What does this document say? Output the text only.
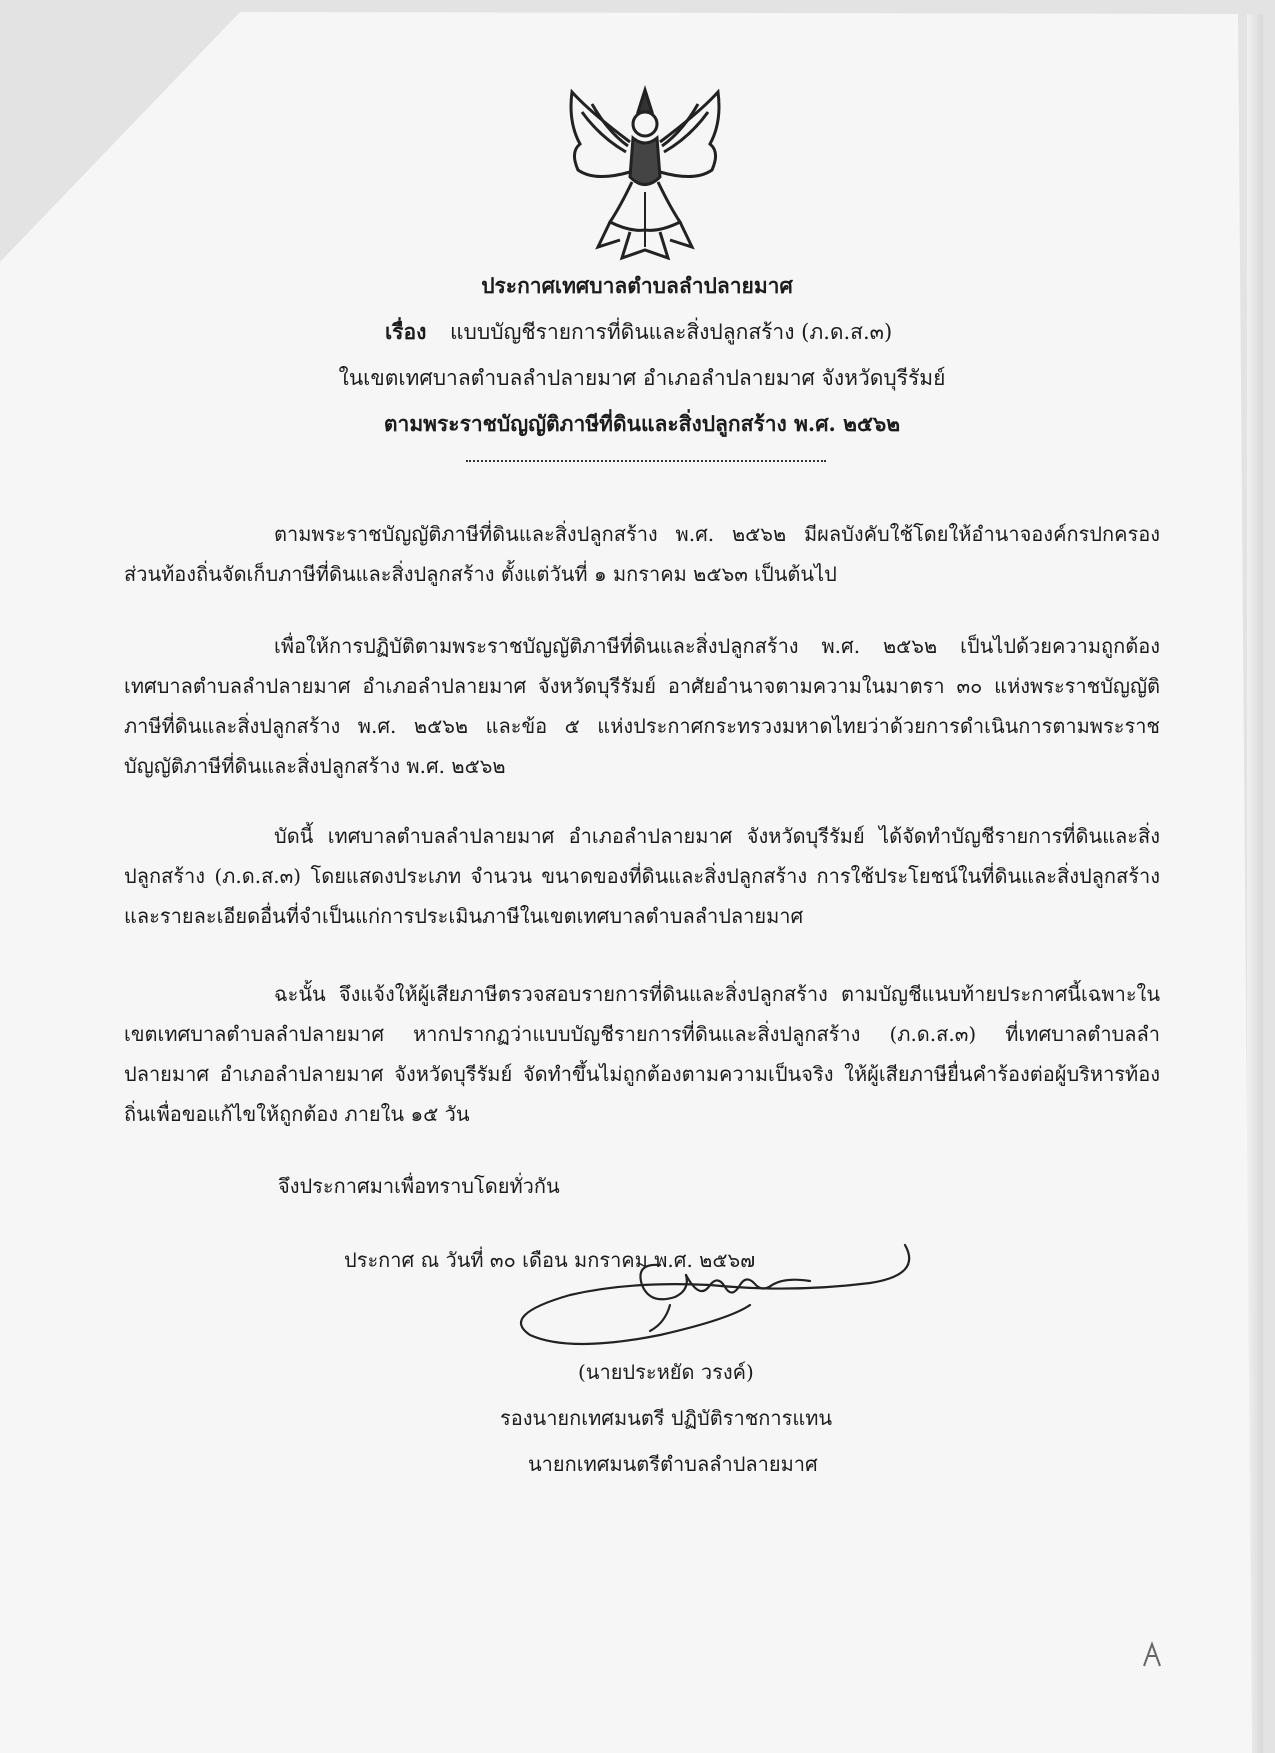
ประกาศเทศบาลตำบลลำปลายมาศ
เรื่อง แบบบัญชีรายการที่ดินและสิ่งปลูกสร้าง (ภ.ด.ส.๓)
ในเขตเทศบาลตำบลลำปลายมาศ อำเภอลำปลายมาศ จังหวัดบุรีรัมย์
ตามพระราชบัญญัติภาษีที่ดินและสิ่งปลูกสร้าง พ.ศ. ๒๕๖๒
ตามพระราชบัญญัติภาษีที่ดินและสิ่งปลูกสร้าง พ.ศ. ๒๕๖๒ มีผลบังคับใช้โดยให้อำนาจองค์กรปกครองส่วนท้องถิ่นจัดเก็บภาษีที่ดินและสิ่งปลูกสร้าง ตั้งแต่วันที่ ๑ มกราคม ๒๕๖๓ เป็นต้นไป
เพื่อให้การปฏิบัติตามพระราชบัญญัติภาษีที่ดินและสิ่งปลูกสร้าง พ.ศ. ๒๕๖๒ เป็นไปด้วยความถูกต้อง เทศบาลตำบลลำปลายมาศ อำเภอลำปลายมาศ จังหวัดบุรีรัมย์ อาศัยอำนาจตามความในมาตรา ๓๐ แห่งพระราชบัญญัติภาษีที่ดินและสิ่งปลูกสร้าง พ.ศ. ๒๕๖๒ และข้อ ๕ แห่งประกาศกระทรวงมหาดไทยว่าด้วยการดำเนินการตามพระราชบัญญัติภาษีที่ดินและสิ่งปลูกสร้าง พ.ศ. ๒๕๖๒
บัดนี้ เทศบาลตำบลลำปลายมาศ อำเภอลำปลายมาศ จังหวัดบุรีรัมย์ ได้จัดทำบัญชีรายการที่ดินและสิ่งปลูกสร้าง (ภ.ด.ส.๓) โดยแสดงประเภท จำนวน ขนาดของที่ดินและสิ่งปลูกสร้าง การใช้ประโยชน์ในที่ดินและสิ่งปลูกสร้างและรายละเอียดอื่นที่จำเป็นแก่การประเมินภาษีในเขตเทศบาลตำบลลำปลายมาศ
ฉะนั้น จึงแจ้งให้ผู้เสียภาษีตรวจสอบรายการที่ดินและสิ่งปลูกสร้าง ตามบัญชีแนบท้ายประกาศนี้เฉพาะในเขตเทศบาลตำบลลำปลายมาศ หากปรากฏว่าแบบบัญชีรายการที่ดินและสิ่งปลูกสร้าง (ภ.ด.ส.๓) ที่เทศบาลตำบลลำปลายมาศ อำเภอลำปลายมาศ จังหวัดบุรีรัมย์ จัดทำขึ้นไม่ถูกต้องตามความเป็นจริง ให้ผู้เสียภาษียื่นคำร้องต่อผู้บริหารท้องถิ่นเพื่อขอแก้ไขให้ถูกต้อง ภายใน ๑๕ วัน
จึงประกาศมาเพื่อทราบโดยทั่วกัน
ประกาศ ณ วันที่ ๓๐ เดือน มกราคม พ.ศ. ๒๕๖๗
(นายประหยัด วรงค์)
รองนายกเทศมนตรี ปฏิบัติราชการแทน
นายกเทศมนตรีตำบลลำปลายมาศ
